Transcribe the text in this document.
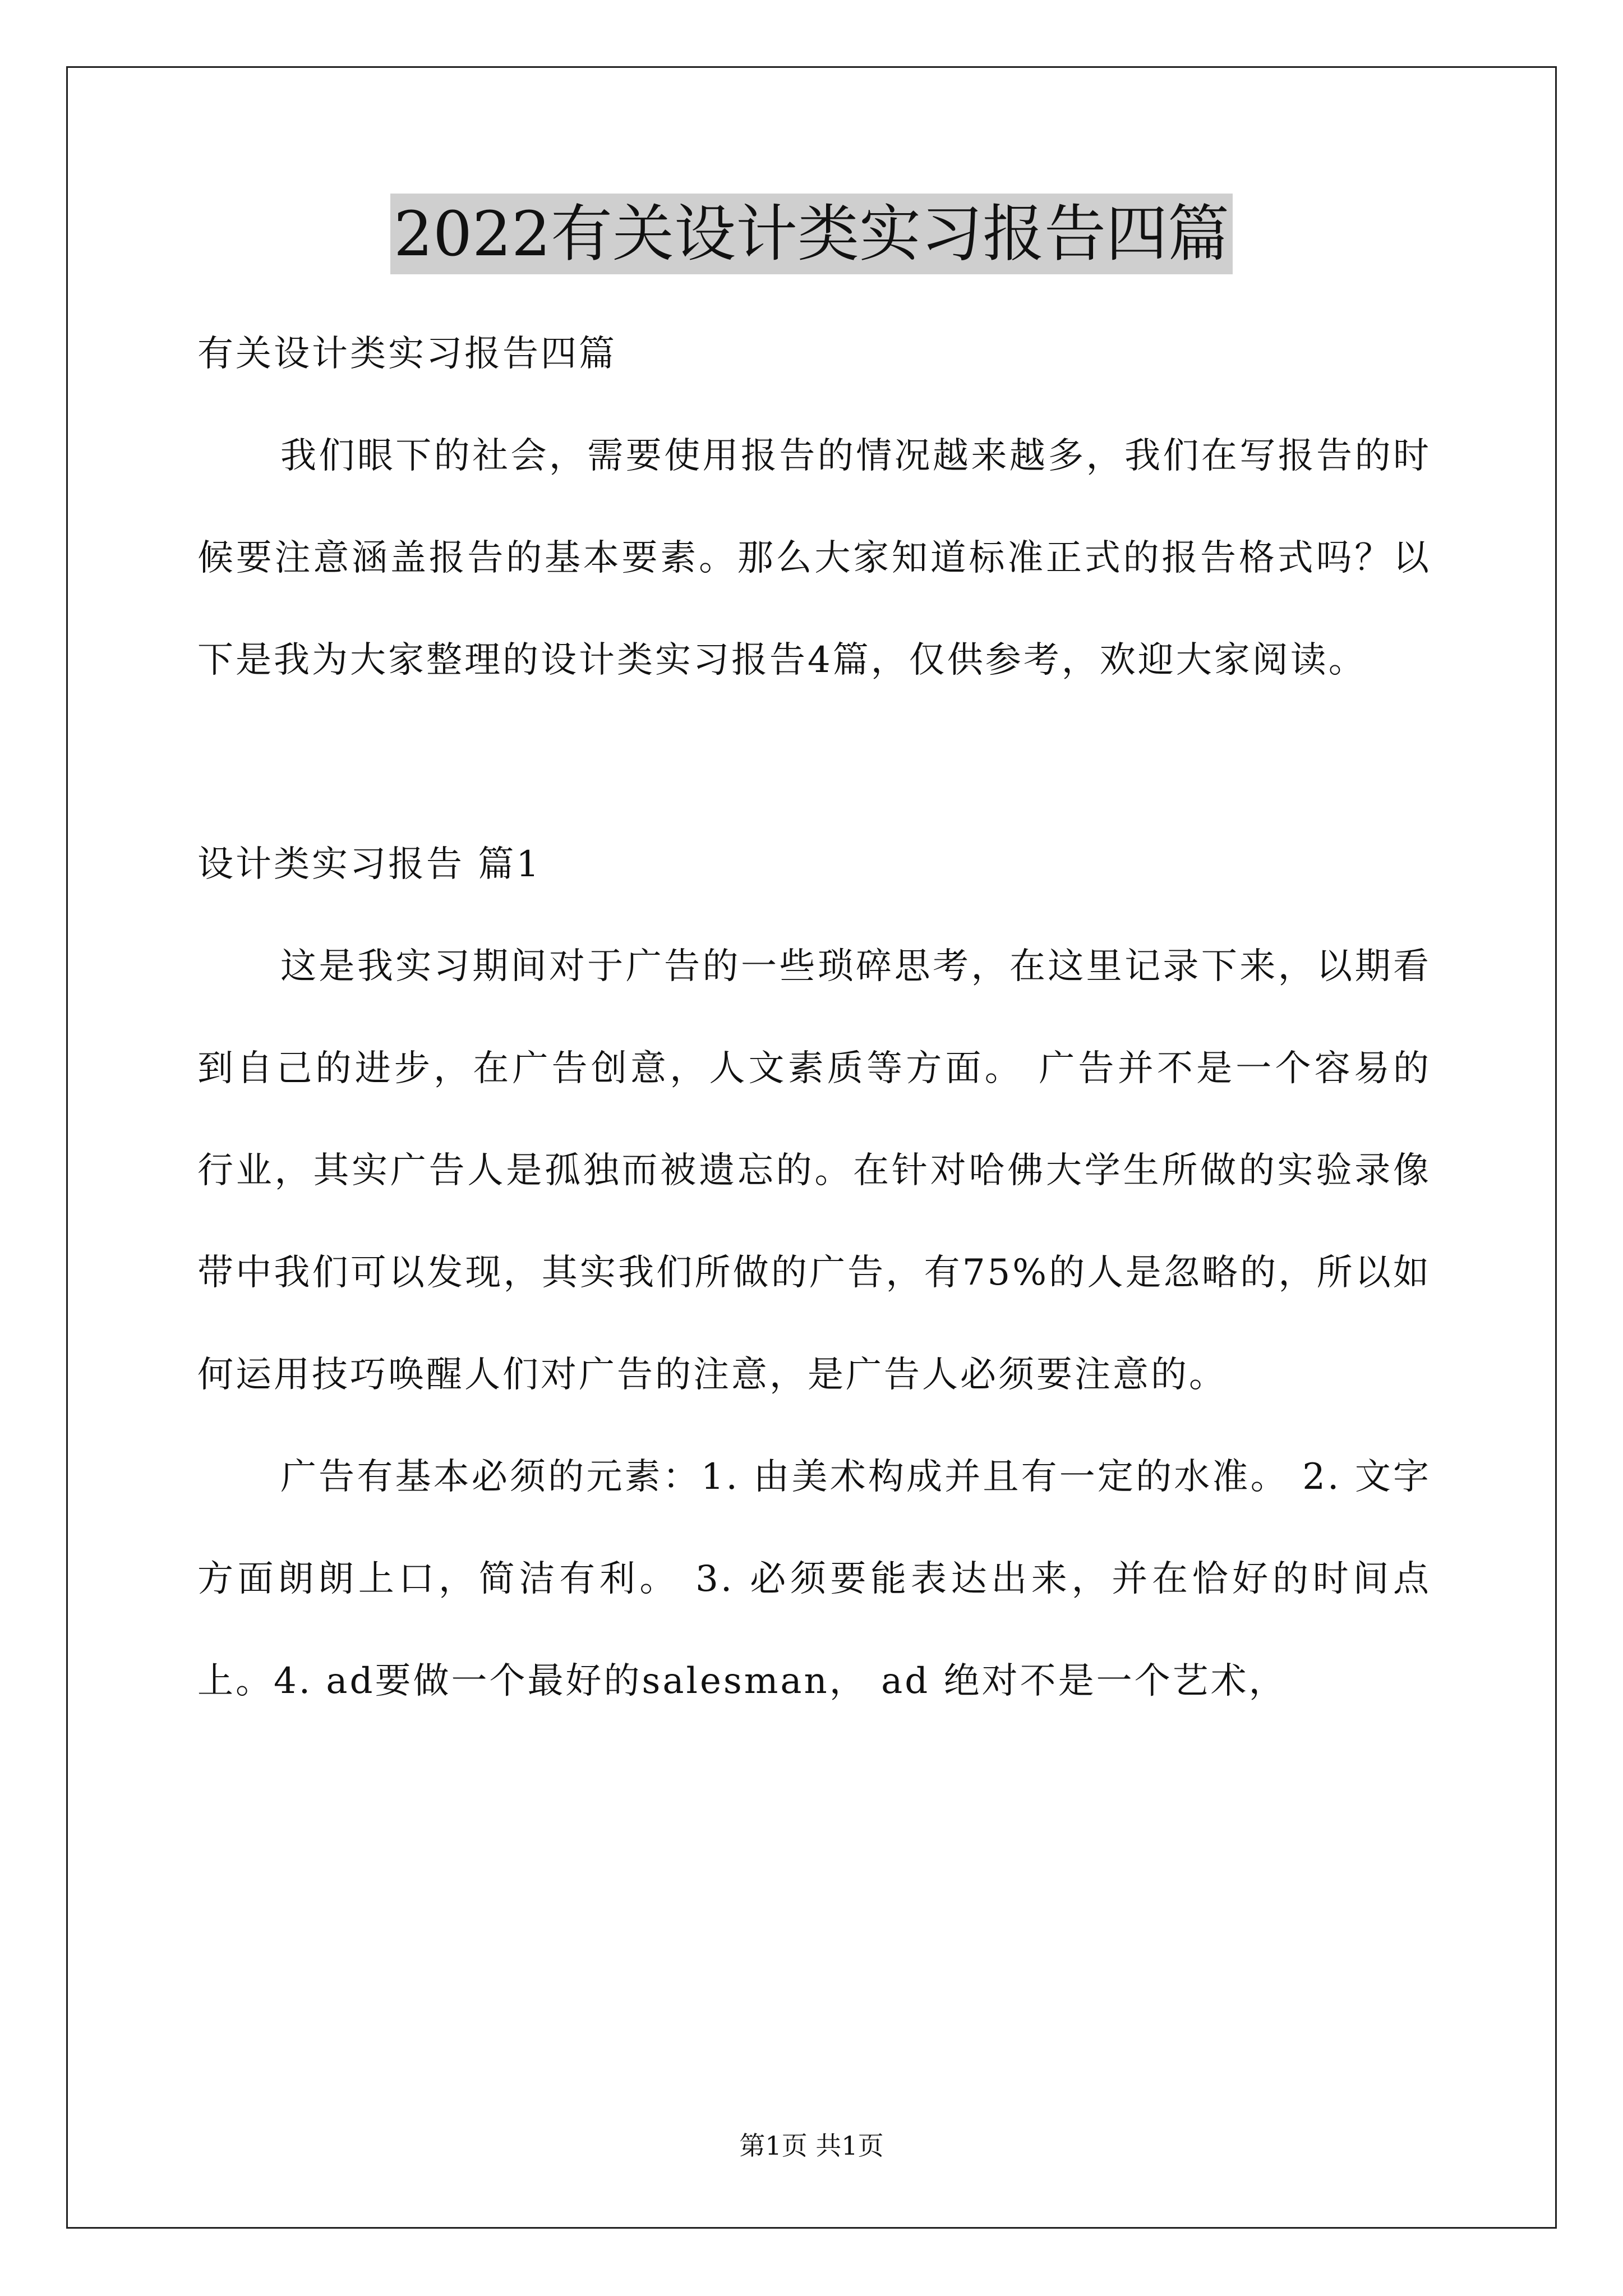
2022有关设计类实习报告四篇

有关设计类实习报告四篇

我们眼下的社会，需要使用报告的情况越来越多，我们在写报告的时候要注意涵盖报告的基本要素。那么大家知道标准正式的报告格式吗？以下是我为大家整理的设计类实习报告4篇，仅供参考，欢迎大家阅读。

设计类实习报告 篇1

这是我实习期间对于广告的一些琐碎思考，在这里记录下来，以期看到自己的进步，在广告创意，人文素质等方面。 广告并不是一个容易的行业，其实广告人是孤独而被遗忘的。在针对哈佛大学生所做的实验录像带中我们可以发现，其实我们所做的广告，有75%的人是忽略的，所以如何运用技巧唤醒人们对广告的注意，是广告人必须要注意的。

广告有基本必须的元素：1. 由美术构成并且有一定的水准。 2. 文字方面朗朗上口，简洁有利。 3. 必须要能表达出来，并在恰好的时间点上。4. ad要做一个最好的salesman， ad 绝对不是一个艺术，

第1页 共1页
